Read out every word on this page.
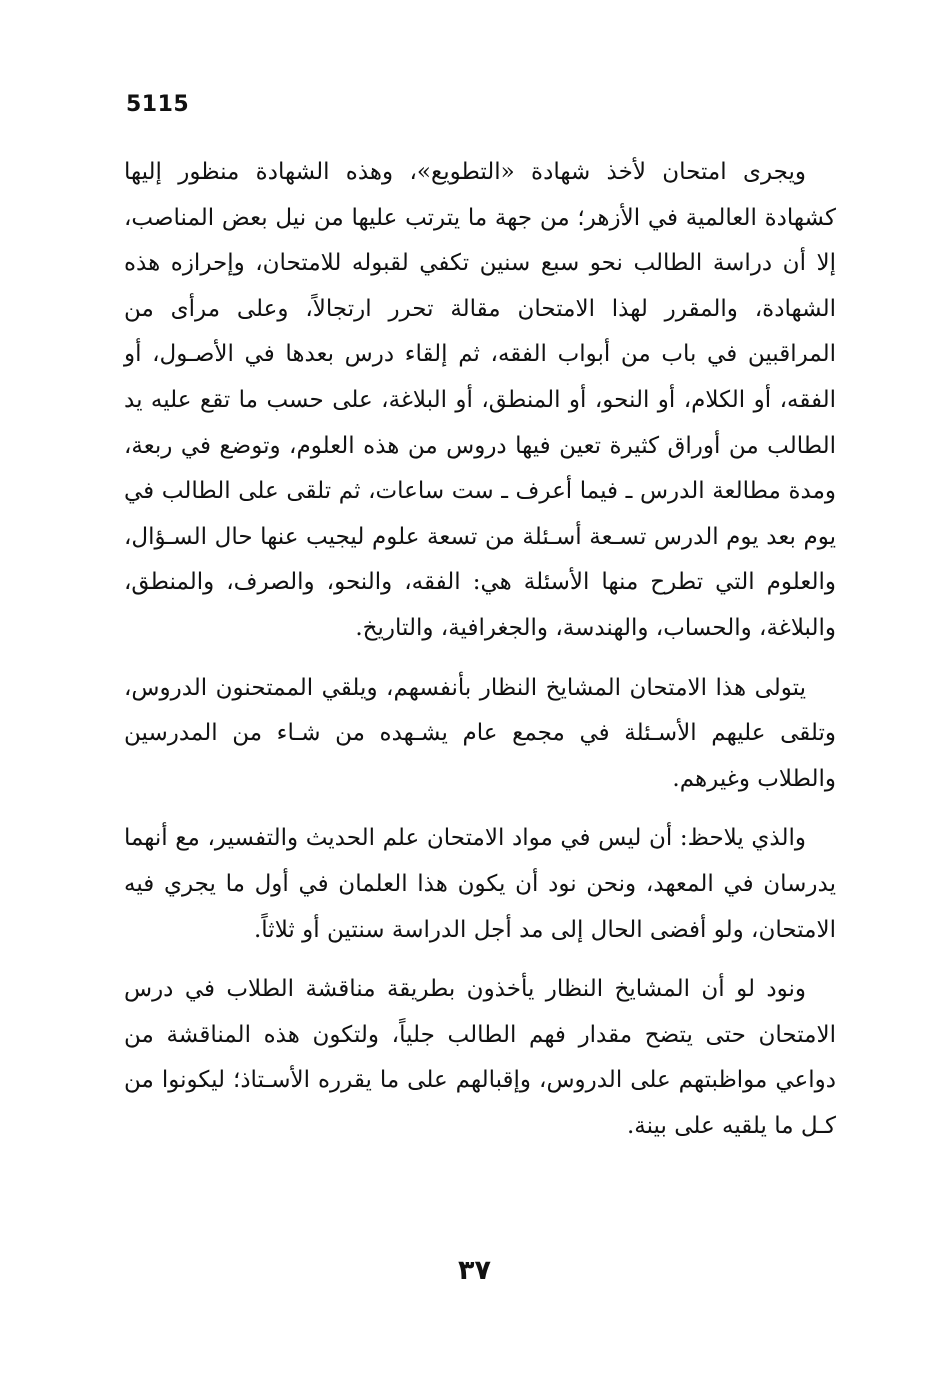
5115

ويجرى امتحان لأخذ شهادة «التطويع»، وهذه الشهادة منظور إليها كشهادة العالمية في الأزهر؛ من جهة ما يترتب عليها من نيل بعض المناصب، إلا أن دراسة الطالب نحو سبع سنين تكفي لقبوله للامتحان، وإحرازه هذه الشهادة، والمقرر لهذا الامتحان مقالة تحرر ارتجالاً، وعلى مرأى من المراقبين في باب من أبواب الفقه، ثم إلقاء درس بعدها في الأصـول، أو الفقه، أو الكلام، أو النحو، أو المنطق، أو البلاغة، على حسب ما تقع عليه يد الطالب من أوراق كثيرة تعين فيها دروس من هذه العلوم، وتوضع في ربعة، ومدة مطالعة الدرس ـ فيما أعرف ـ ست ساعات، ثم تلقى على الطالب في يوم بعد يوم الدرس تسـعة أسـئلة من تسعة علوم ليجيب عنها حال السـؤال، والعلوم التي تطرح منها الأسئلة هي: الفقه، والنحو، والصرف، والمنطق، والبلاغة، والحساب، والهندسة، والجغرافية، والتاريخ.

يتولى هذا الامتحان المشايخ النظار بأنفسهم، ويلقي الممتحنون الدروس، وتلقى عليهم الأسـئلة في مجمع عام يشـهده من شـاء من المدرسين والطلاب وغيرهم.

والذي يلاحظ: أن ليس في مواد الامتحان علم الحديث والتفسير، مع أنهما يدرسان في المعهد، ونحن نود أن يكون هذا العلمان في أول ما يجري فيه الامتحان، ولو أفضى الحال إلى مد أجل الدراسة سنتين أو ثلاثاً.

ونود لو أن المشايخ النظار يأخذون بطريقة مناقشة الطلاب في درس الامتحان حتى يتضح مقدار فهم الطالب جلياً، ولتكون هذه المناقشة من دواعي مواظبتهم على الدروس، وإقبالهم على ما يقرره الأسـتاذ؛ ليكونوا من كـل ما يلقيه على بينة.

٣٧
